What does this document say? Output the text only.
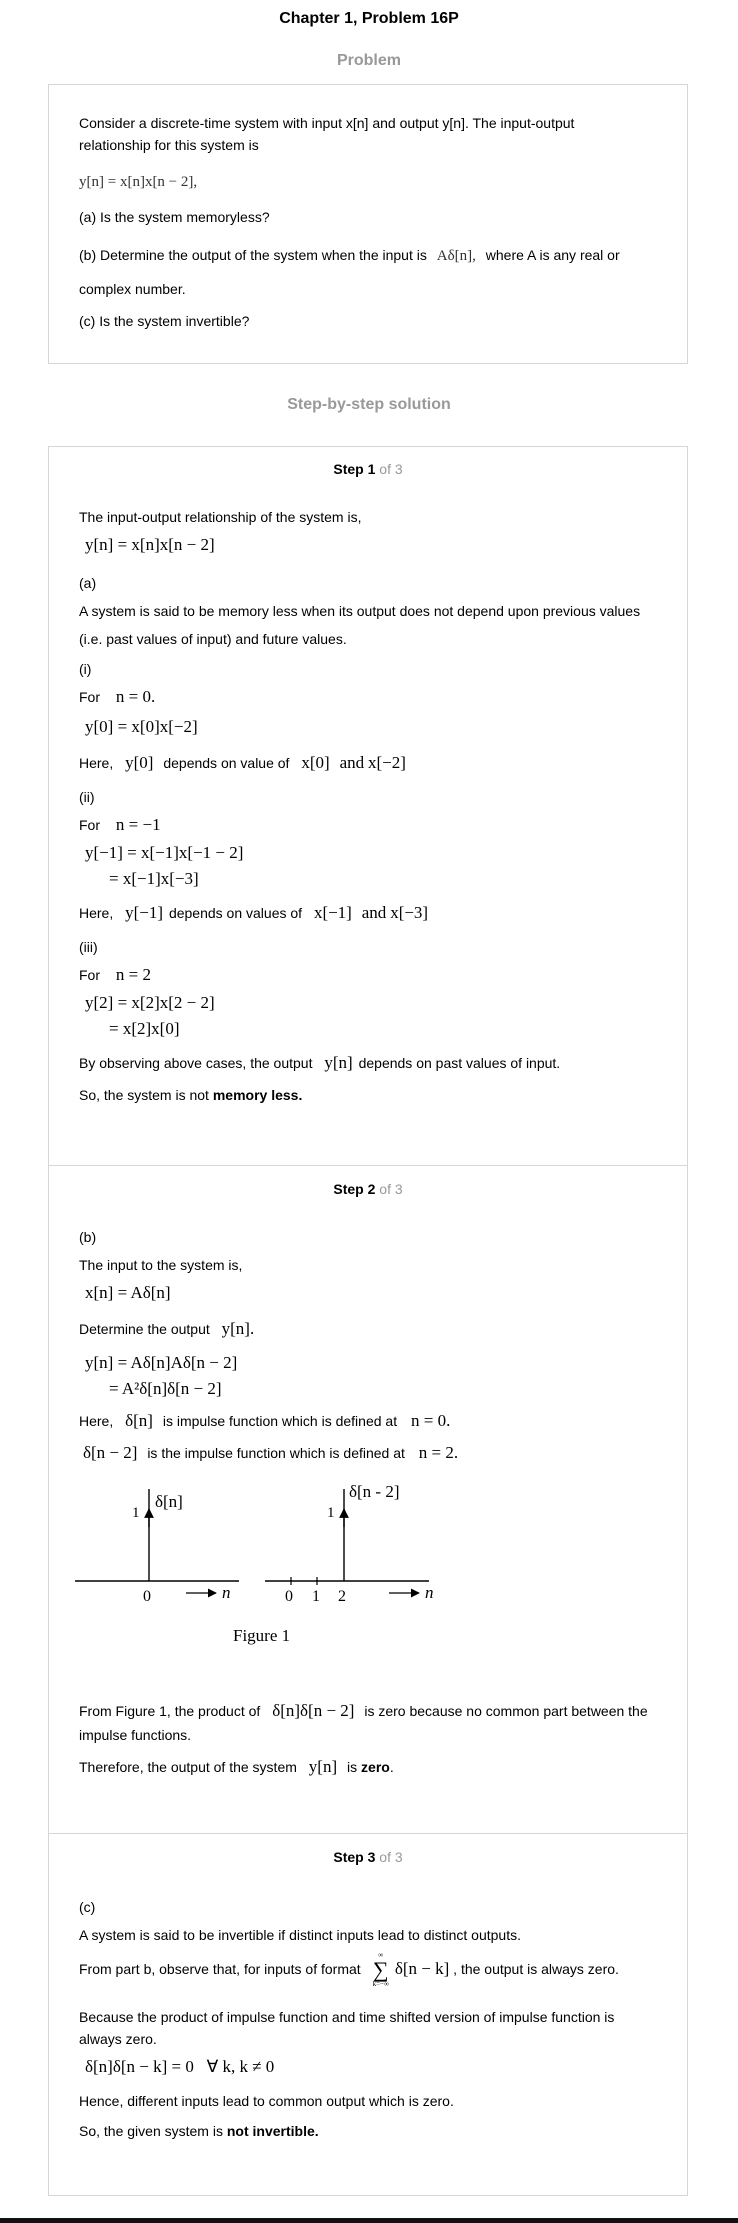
Chapter 1, Problem 16P
Problem
Consider a discrete-time system with input x[n] and output y[n]. The input-output
relationship for this system is
y[n] = x[n]x[n − 2],
(a) Is the system memoryless?
(b) Determine the output of the system when the input is Aδ[n], where A is any real or
complex number.
(c) Is the system invertible?
Step-by-step solution
Step 1 of 3
The input-output relationship of the system is,
y[n] = x[n]x[n − 2]
(a)
A system is said to be memory less when its output does not depend upon previous values
(i.e. past values of input) and future values.
(i)
For n = 0.
y[0] = x[0]x[−2]
Here, y[0] depends on value of x[0] and x[−2]
(ii)
For n = −1
y[−1] = x[−1]x[−1 − 2]
= x[−1]x[−3]
Here, y[−1] depends on values of x[−1] and x[−3]
(iii)
For n = 2
y[2] = x[2]x[2 − 2]
= x[2]x[0]
By observing above cases, the output y[n] depends on past values of input.
So, the system is not memory less.
Step 2 of 3
(b)
The input to the system is,
x[n] = Aδ[n]
Determine the output y[n].
y[n] = Aδ[n]Aδ[n − 2]
= A²δ[n]δ[n − 2]
Here, δ[n] is impulse function which is defined at n = 0.
δ[n − 2] is the impulse function which is defined at n = 2.
δ[n]
1
0	n
δ[n - 2]
1
0 1 2	n
Figure 1
From Figure 1, the product of δ[n]δ[n − 2] is zero because no common part between the
impulse functions.
Therefore, the output of the system y[n] is zero.
Step 3 of 3
(c)
A system is said to be invertible if distinct inputs lead to distinct outputs.
From part b, observe that, for inputs of format
∞
∑
k=−∞
δ[n − k] , the output is always zero.
Because the product of impulse function and time shifted version of impulse function is
always zero.
δ[n]δ[n − k] = 0   ∀ k, k ≠ 0
Hence, different inputs lead to common output which is zero.
So, the given system is not invertible.
